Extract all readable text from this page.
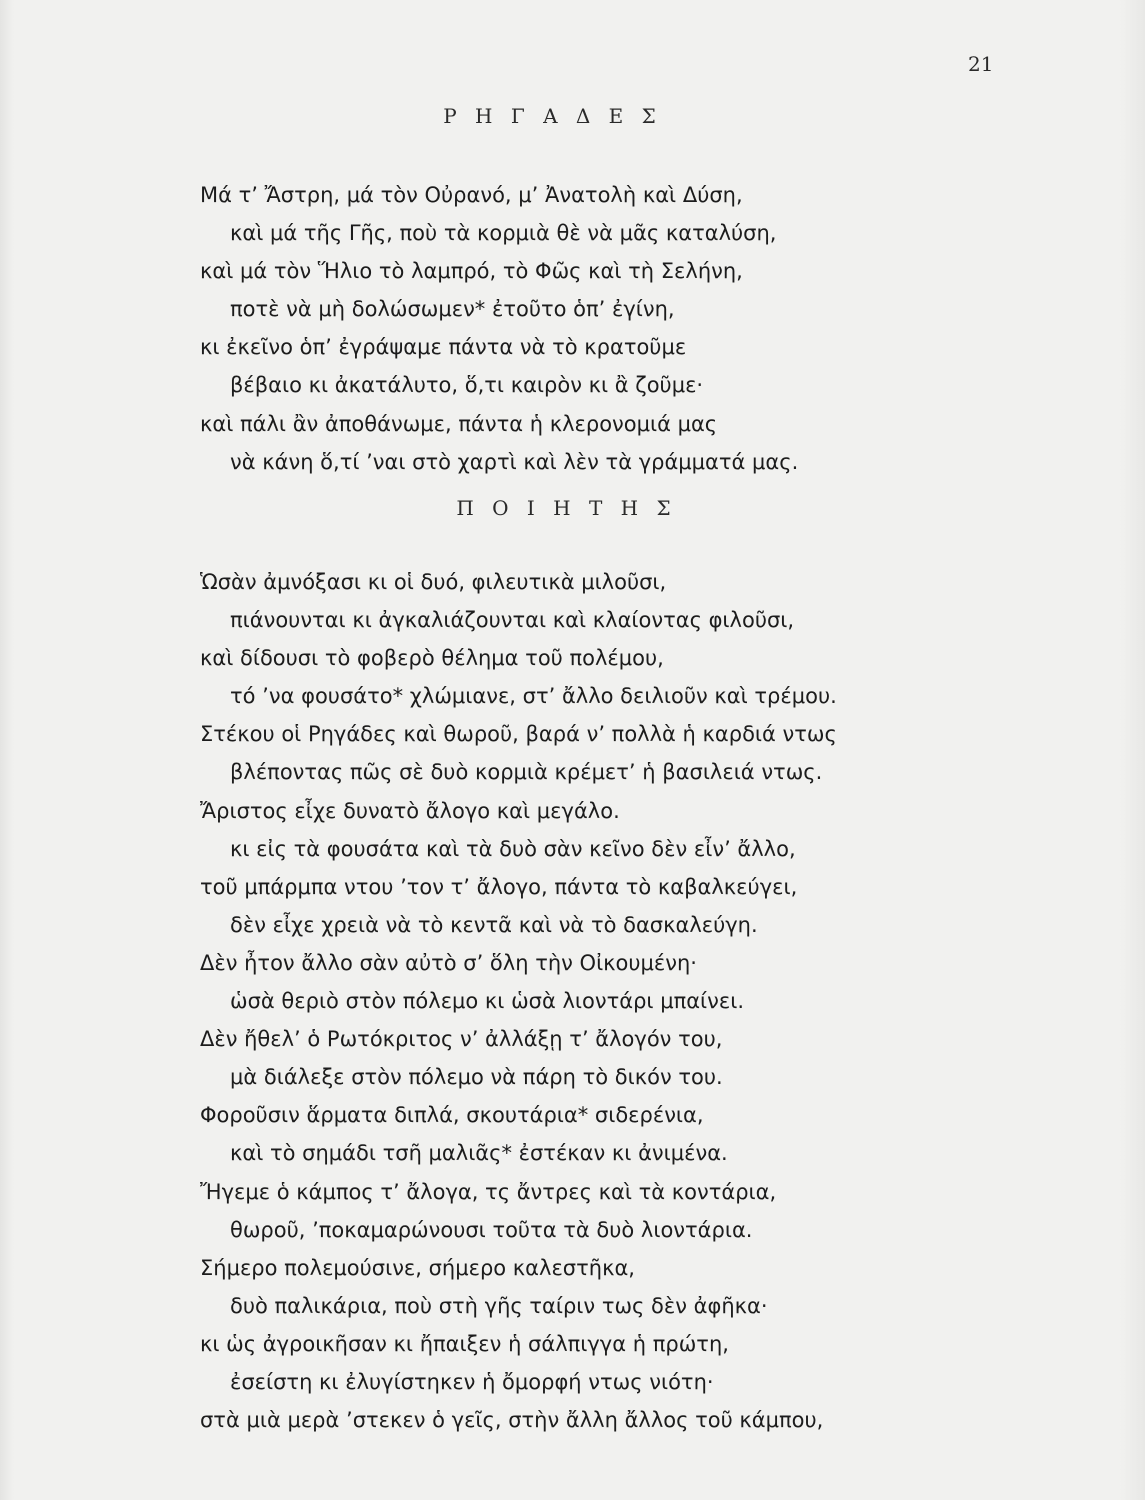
21
Ρ Η Γ Α Δ Ε Σ
Μά τ’ Ἄστρη, μά τὸν Οὐρανό, μ’ Ἀνατολὴ καὶ Δύση,
καὶ μά τῆς Γῆς, ποὺ τὰ κορμιὰ θὲ νὰ μᾶς καταλύση,
καὶ μά τὸν Ἥλιο τὸ λαμπρό, τὸ Φῶς καὶ τὴ Σελήνη,
ποτὲ νὰ μὴ δολώσωμεν* ἐτοῦτο ὁπ’ ἐγίνη,
κι ἐκεῖνο ὁπ’ ἐγράψαμε πάντα νὰ τὸ κρατοῦμε
βέβαιο κι ἀκατάλυτο, ὅ,τι καιρὸν κι ἂ ζοῦμε·
καὶ πάλι ἂν ἀποθάνωμε, πάντα ἡ κλερονομιά μας
νὰ κάνη ὅ,τί ’ναι στὸ χαρτὶ καὶ λὲν τὰ γράμματά μας.
Π Ο Ι Η Τ Η Σ
Ὡσὰν ἀμνόξασι κι οἱ δυό, φιλευτικὰ μιλοῦσι,
πιάνουνται κι ἀγκαλιάζουνται καὶ κλαίοντας φιλοῦσι,
καὶ δίδουσι τὸ φοβερὸ θέλημα τοῦ πολέμου,
τό ’να φουσάτο* χλώμιανε, στ’ ἄλλο δειλιοῦν καὶ τρέμου.
Στέκου οἱ Ρηγάδες καὶ θωροῦ, βαρά ν’ πολλὰ ἡ καρδιά ντως
βλέποντας πῶς σὲ δυὸ κορμιὰ κρέμετ’ ἡ βασιλειά ντως.
Ἄριστος εἶχε δυνατὸ ἄλογο καὶ μεγάλο.
κι εἰς τὰ φουσάτα καὶ τὰ δυὸ σὰν κεῖνο δὲν εἶν’ ἄλλο,
τοῦ μπάρμπα ντου ’τον τ’ ἄλογο, πάντα τὸ καβαλκεύγει,
δὲν εἶχε χρειὰ νὰ τὸ κεντᾶ καὶ νὰ τὸ δασκαλεύγη.
Δὲν ἦτον ἄλλο σὰν αὐτὸ σ’ ὅλη τὴν Οἰκουμένη·
ὡσὰ θεριὸ στὸν πόλεμο κι ὡσὰ λιοντάρι μπαίνει.
Δὲν ἤθελ’ ὁ Ρωτόκριτος ν’ ἀλλάξῃ τ’ ἄλογόν του,
μὰ διάλεξε στὸν πόλεμο νὰ πάρη τὸ δικόν του.
Φοροῦσιν ἅρματα διπλά, σκουτάρια* σιδερένια,
καὶ τὸ σημάδι τσῆ μαλιᾶς* ἐστέκαν κι ἀνιμένα.
Ἤγεμε ὁ κάμπος τ’ ἄλογα, τς ἄντρες καὶ τὰ κοντάρια,
θωροῦ, ’ποκαμαρώνουσι τοῦτα τὰ δυὸ λιοντάρια.
Σήμερο πολεμούσινε, σήμερο καλεστῆκα,
δυὸ παλικάρια, ποὺ στὴ γῆς ταίριν τως δὲν ἀφῆκα·
κι ὡς ἀγροικῆσαν κι ἤπαιξεν ἡ σάλπιγγα ἡ πρώτη,
ἐσείστη κι ἐλυγίστηκεν ἡ ὄμορφή ντως νιότη·
στὰ μιὰ μερὰ ’στεκεν ὁ γεῖς, στὴν ἄλλη ἄλλος τοῦ κάμπου,
